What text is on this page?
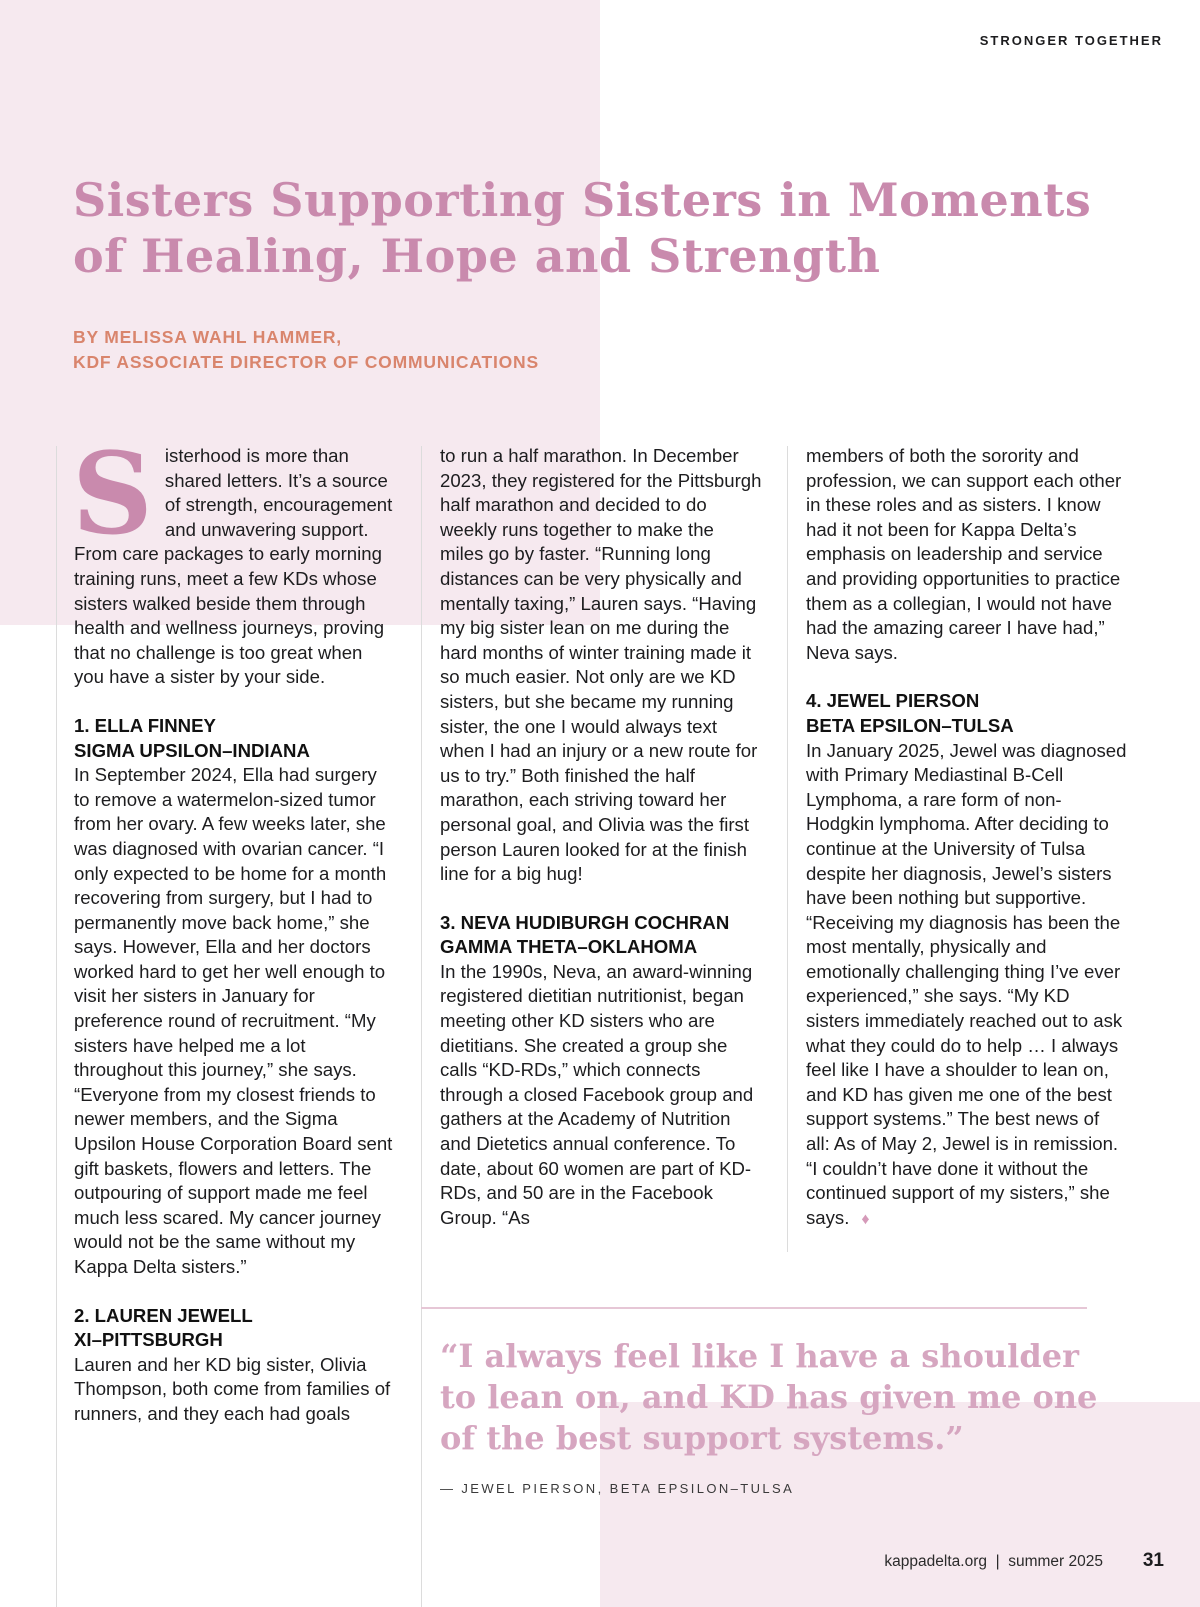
STRONGER TOGETHER
Sisters Supporting Sisters in Moments of Healing, Hope and Strength
BY MELISSA WAHL HAMMER,
KDF ASSOCIATE DIRECTOR OF COMMUNICATIONS

Sisterhood is more than shared letters. It’s a source of strength, encouragement and unwavering support. From care packages to early morning training runs, meet a few KDs whose sisters walked beside them through health and wellness journeys, proving that no challenge is too great when you have a sister by your side.

1. ELLA FINNEY
SIGMA UPSILON–INDIANA

In September 2024, Ella had surgery to remove a watermelon-sized tumor from her ovary. A few weeks later, she was diagnosed with ovarian cancer. “I only expected to be home for a month recovering from surgery, but I had to permanently move back home,” she says. However, Ella and her doctors worked hard to get her well enough to visit her sisters in January for preference round of recruitment. “My sisters have helped me a lot throughout this journey,” she says. “Everyone from my closest friends to newer members, and the Sigma Upsilon House Corporation Board sent gift baskets, flowers and letters. The outpouring of support made me feel much less scared. My cancer journey would not be the same without my Kappa Delta sisters.”

2. LAUREN JEWELL
XI–PITTSBURGH

Lauren and her KD big sister, Olivia Thompson, both come from families of runners, and they each had goals

to run a half marathon. In December 2023, they registered for the Pittsburgh half marathon and decided to do weekly runs together to make the miles go by faster. “Running long distances can be very physically and mentally taxing,” Lauren says. “Having my big sister lean on me during the hard months of winter training made it so much easier. Not only are we KD sisters, but she became my running sister, the one I would always text when I had an injury or a new route for us to try.” Both finished the half marathon, each striving toward her personal goal, and Olivia was the first person Lauren looked for at the finish line for a big hug!

3. NEVA HUDIBURGH COCHRAN
GAMMA THETA–OKLAHOMA

In the 1990s, Neva, an award-winning registered dietitian nutritionist, began meeting other KD sisters who are dietitians. She created a group she calls “KD-RDs,” which connects through a closed Facebook group and gathers at the Academy of Nutrition and Dietetics annual conference. To date, about 60 women are part of KD-RDs, and 50 are in the Facebook Group. “As

members of both the sorority and profession, we can support each other in these roles and as sisters. I know had it not been for Kappa Delta’s emphasis on leadership and service and providing opportunities to practice them as a collegian, I would not have had the amazing career I have had,” Neva says.

4. JEWEL PIERSON
BETA EPSILON–TULSA

In January 2025, Jewel was diagnosed with Primary Mediastinal B-Cell Lymphoma, a rare form of non-Hodgkin lymphoma. After deciding to continue at the University of Tulsa despite her diagnosis, Jewel’s sisters have been nothing but supportive. “Receiving my diagnosis has been the most mentally, physically and emotionally challenging thing I’ve ever experienced,” she says. “My KD sisters immediately reached out to ask what they could do to help … I always feel like I have a shoulder to lean on, and KD has given me one of the best support systems.” The best news of all: As of May 2, Jewel is in remission. “I couldn’t have done it without the continued support of my sisters,” she says. ♦

“I always feel like I have a shoulder to lean on, and KD has given me one of the best support systems.”
— JEWEL PIERSON, BETA EPSILON–TULSA
kappadelta.org  |  summer 2025 31
